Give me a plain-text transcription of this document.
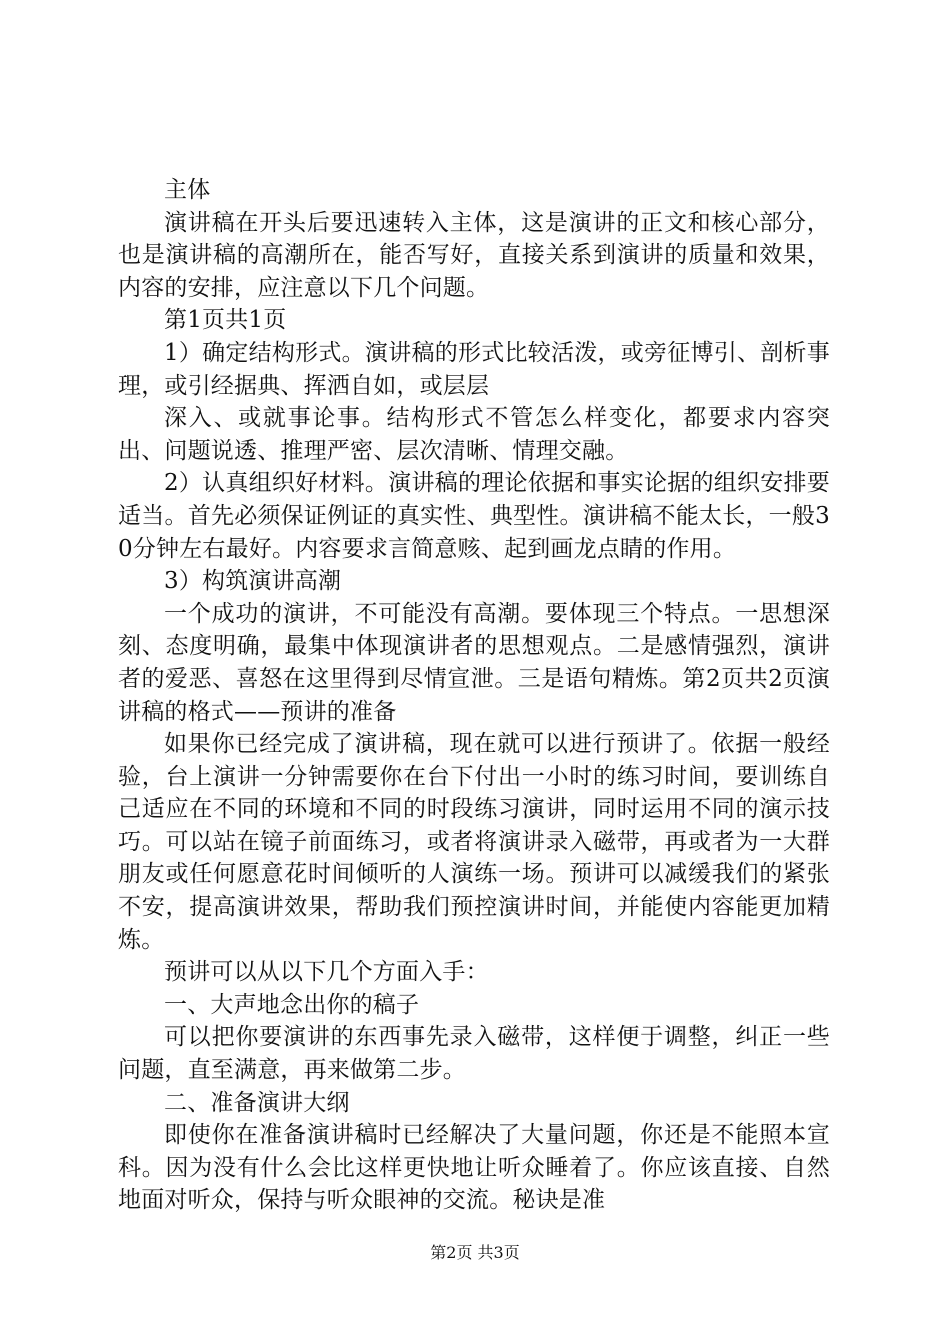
主体

演讲稿在开头后要迅速转入主体，这是演讲的正文和核心部分，也是演讲稿的高潮所在，能否写好，直接关系到演讲的质量和效果，内容的安排，应注意以下几个问题。

第1页共1页

1）确定结构形式。演讲稿的形式比较活泼，或旁征博引、剖析事理，或引经据典、挥洒自如，或层层

深入、或就事论事。结构形式不管怎么样变化，都要求内容突出、问题说透、推理严密、层次清晰、情理交融。

2）认真组织好材料。演讲稿的理论依据和事实论据的组织安排要适当。首先必须保证例证的真实性、典型性。演讲稿不能太长，一般30分钟左右最好。内容要求言简意赅、起到画龙点睛的作用。

3）构筑演讲高潮

一个成功的演讲，不可能没有高潮。要体现三个特点。一思想深刻、态度明确，最集中体现演讲者的思想观点。二是感情强烈，演讲者的爱恶、喜怒在这里得到尽情宣泄。三是语句精炼。第2页共2页演讲稿的格式——预讲的准备

如果你已经完成了演讲稿，现在就可以进行预讲了。依据一般经验，台上演讲一分钟需要你在台下付出一小时的练习时间，要训练自己适应在不同的环境和不同的时段练习演讲，同时运用不同的演示技巧。可以站在镜子前面练习，或者将演讲录入磁带，再或者为一大群朋友或任何愿意花时间倾听的人演练一场。预讲可以减缓我们的紧张不安，提高演讲效果，帮助我们预控演讲时间，并能使内容能更加精炼。

预讲可以从以下几个方面入手：

一、大声地念出你的稿子

可以把你要演讲的东西事先录入磁带，这样便于调整，纠正一些问题，直至满意，再来做第二步。

二、准备演讲大纲

即使你在准备演讲稿时已经解决了大量问题，你还是不能照本宣科。因为没有什么会比这样更快地让听众睡着了。你应该直接、自然地面对听众，保持与听众眼神的交流。秘诀是准

第2页 共3页
